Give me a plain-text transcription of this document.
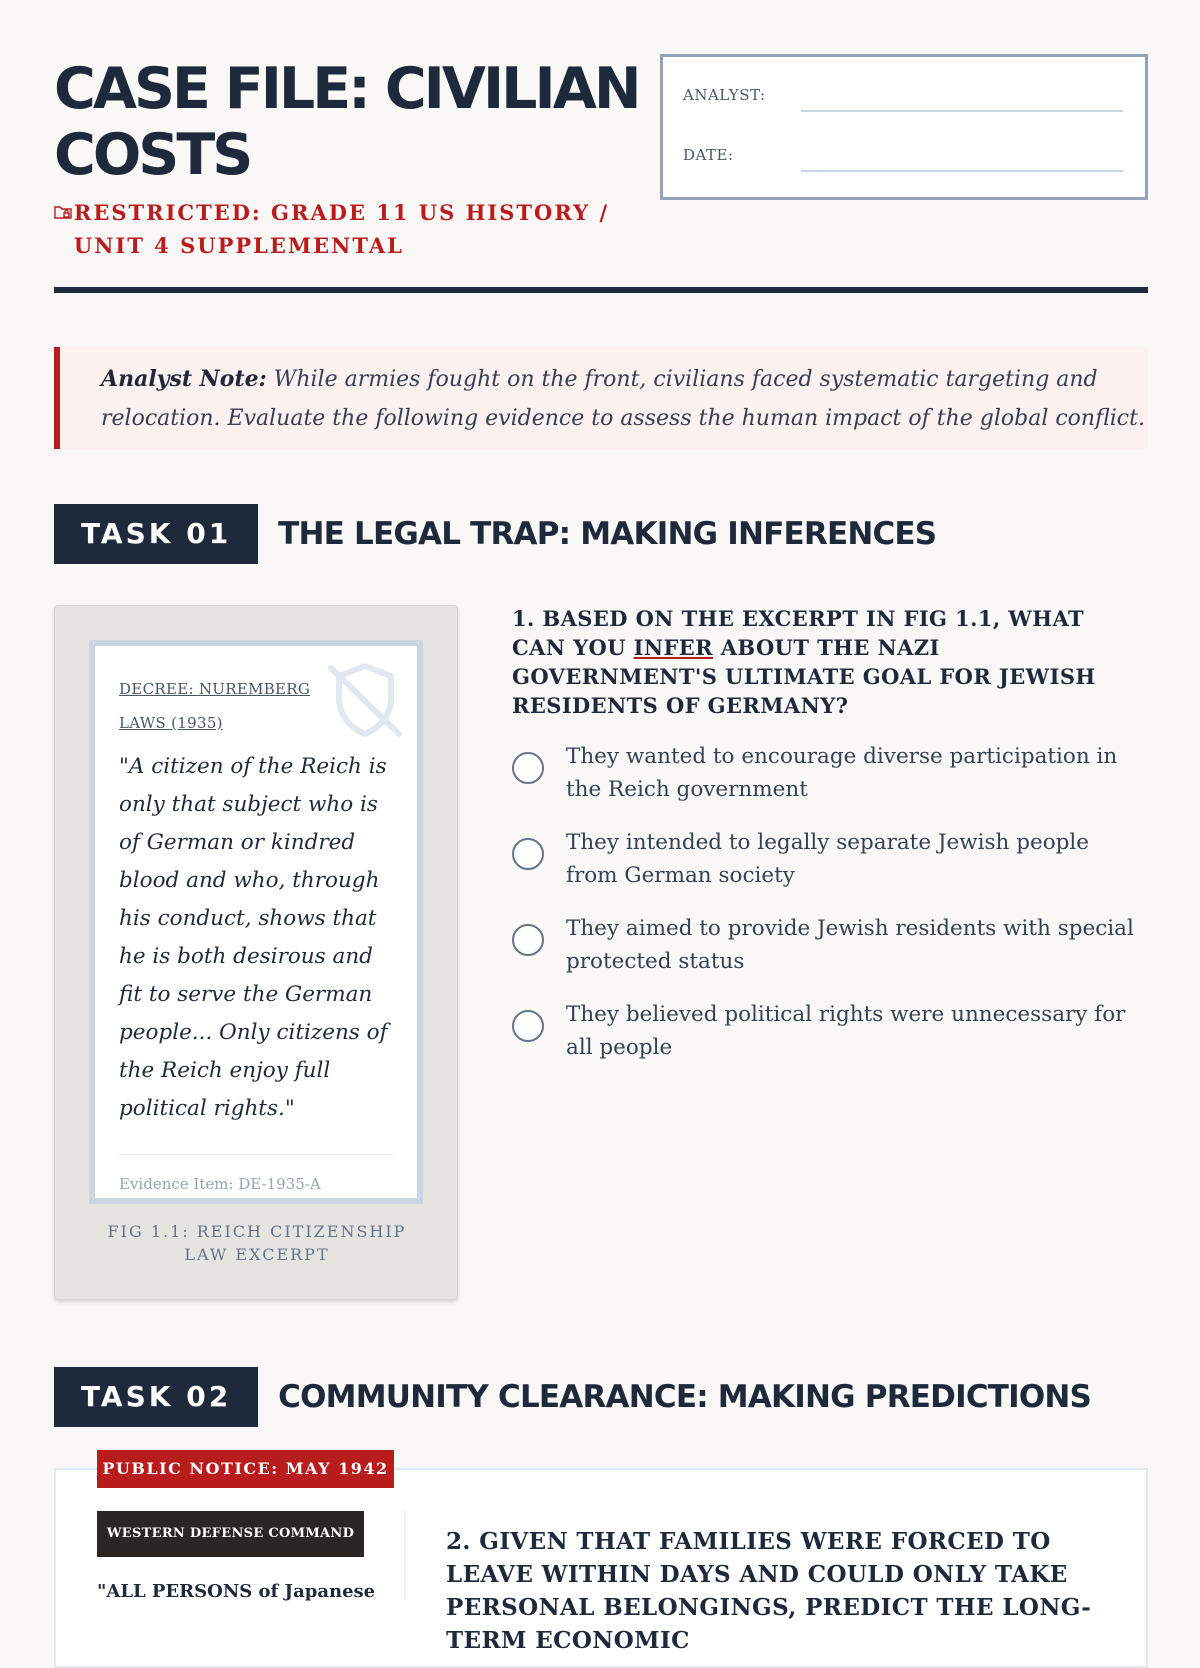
CASE FILE: CIVILIAN COSTS
RESTRICTED: GRADE 11 US HISTORY / UNIT 4 SUPPLEMENTAL
ANALYST:
DATE:
Analyst Note: While armies fought on the front, civilians faced systematic targeting and relocation. Evaluate the following evidence to assess the human impact of the global conflict.
TASK 01	THE LEGAL TRAP: MAKING INFERENCES
DECREE: NUREMBERG LAWS (1935)
"A citizen of the Reich is only that subject who is of German or kindred blood and who, through his conduct, shows that he is both desirous and fit to serve the German people... Only citizens of the Reich enjoy full political rights."
Evidence Item: DE-1935-A
FIG 1.1: REICH CITIZENSHIP LAW EXCERPT
1. BASED ON THE EXCERPT IN FIG 1.1, WHAT CAN YOU INFER ABOUT THE NAZI GOVERNMENT'S ULTIMATE GOAL FOR JEWISH RESIDENTS OF GERMANY?
They wanted to encourage diverse participation in the Reich government
They intended to legally separate Jewish people from German society
They aimed to provide Jewish residents with special protected status
They believed political rights were unnecessary for all people
TASK 02	COMMUNITY CLEARANCE: MAKING PREDICTIONS
PUBLIC NOTICE: MAY 1942
WESTERN DEFENSE COMMAND
"ALL PERSONS of Japanese
2. GIVEN THAT FAMILIES WERE FORCED TO LEAVE WITHIN DAYS AND COULD ONLY TAKE PERSONAL BELONGINGS, PREDICT THE LONG-TERM ECONOMIC
